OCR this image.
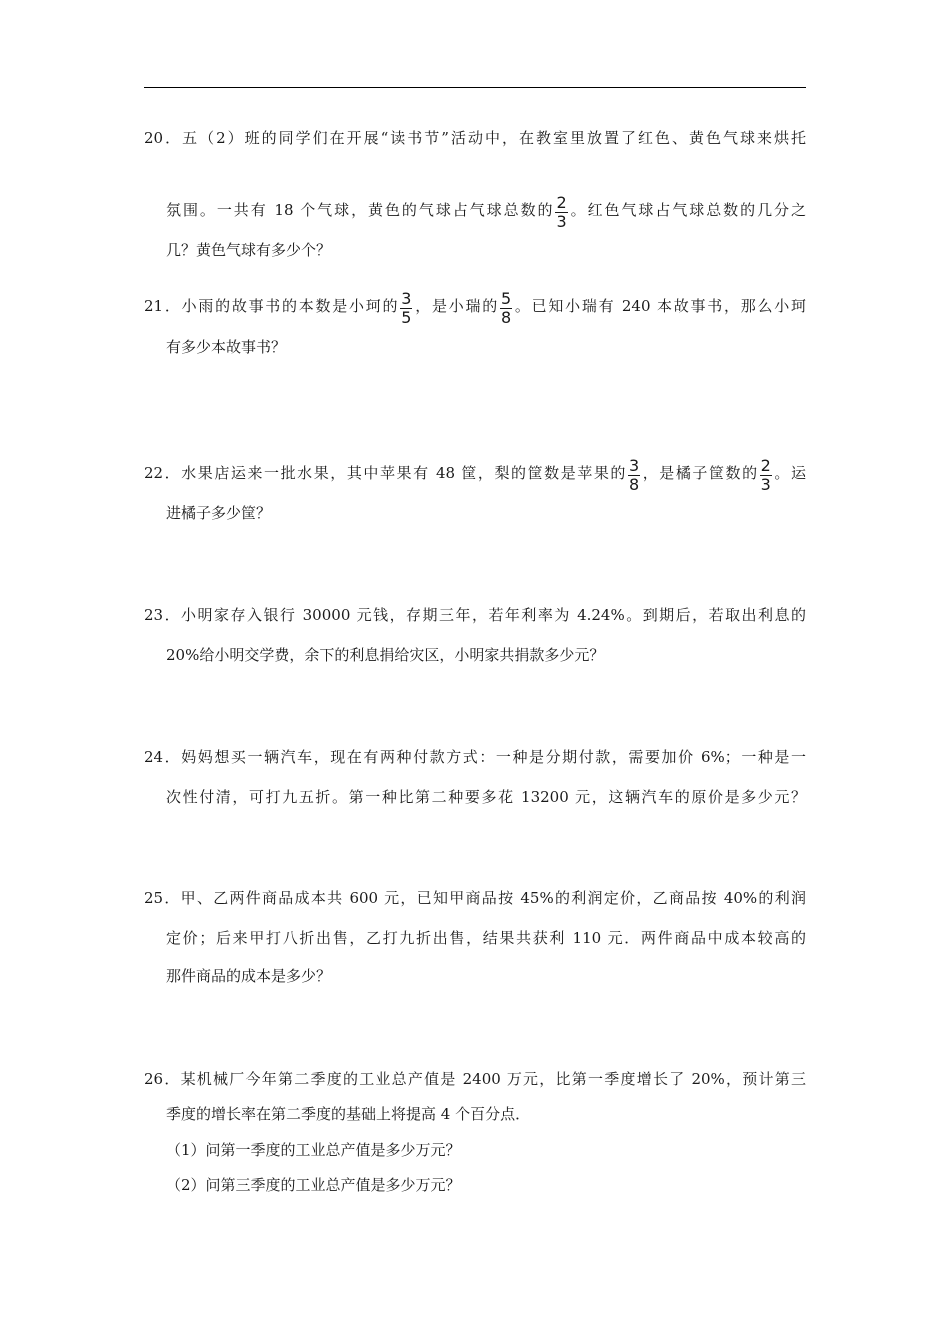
20．五（2）班的同学们在开展“读书节”活动中，在教室里放置了红色、黄色气球来烘托
氛围。一共有 18 个气球，黄色的气球占气球总数的 $\frac{2}{3}$ 。红色气球占气球总数的几分之
几？黄色气球有多少个？
21．小雨的故事书的本数是小珂的 $\frac{3}{5}$ ，是小瑞的 $\frac{5}{8}$ 。已知小瑞有 240 本故事书，那么小珂
有多少本故事书？
22．水果店运来一批水果，其中苹果有 48 筐，梨的筐数是苹果的 $\frac{3}{8}$ ，是橘子筐数的 $\frac{2}{3}$ 。运
进橘子多少筐？
23．小明家存入银行 30000 元钱，存期三年，若年利率为 4.24%。到期后，若取出利息的
20%给小明交学费，余下的利息捐给灾区，小明家共捐款多少元？
24．妈妈想买一辆汽车，现在有两种付款方式：一种是分期付款，需要加价 6%；一种是一
次性付清，可打九五折。第一种比第二种要多花 13200 元，这辆汽车的原价是多少元？
25．甲、乙两件商品成本共 600 元，已知甲商品按 45%的利润定价，乙商品按 40%的利润
定价；后来甲打八折出售，乙打九折出售，结果共获利 110 元．两件商品中成本较高的
那件商品的成本是多少？
26．某机械厂今年第二季度的工业总产值是 2400 万元，比第一季度增长了 20%，预计第三
季度的增长率在第二季度的基础上将提高 4 个百分点．
（1）问第一季度的工业总产值是多少万元？
（2）问第三季度的工业总产值是多少万元？
